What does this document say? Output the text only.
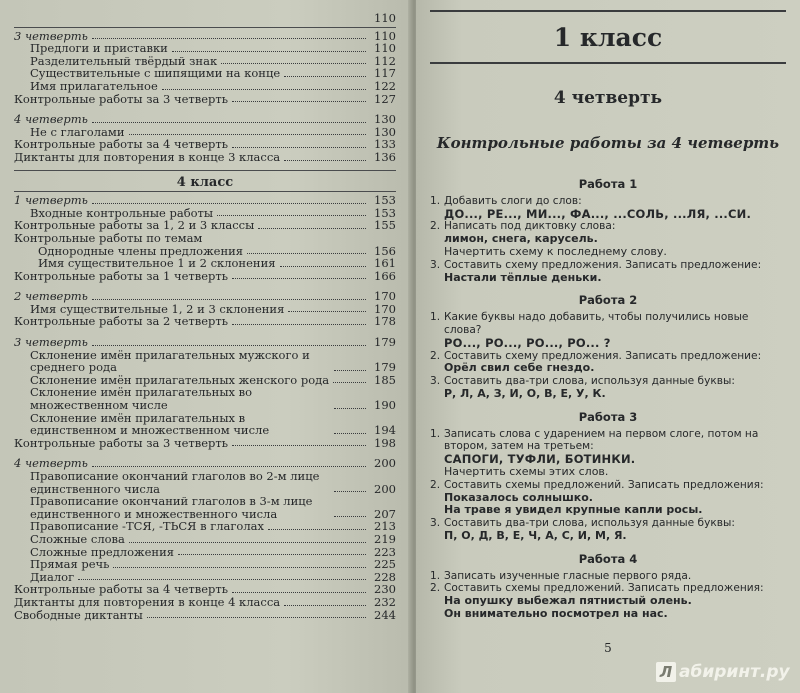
110
3 четверть	110
Предлоги и приставки	110
Разделительный твёрдый знак	112
Существительные с шипящими на конце	117
Имя прилагательное	122
Контрольные работы за 3 четверть	127
4 четверть	130
Не с глаголами	130
Контрольные работы за 4 четверть	133
Диктанты для повторения в конце 3 класса	136
4 класс
1 четверть	153
Входные контрольные работы	153
Контрольные работы за 1, 2 и 3 классы	155
Контрольные работы по темам
Однородные члены предложения	156
Имя существительное 1 и 2 склонения	161
Контрольные работы за 1 четверть	166
2 четверть	170
Имя существительные 1, 2 и 3 склонения	170
Контрольные работы за 2 четверть	178
3 четверть	179
Склонение имён прилагательных мужского и среднего рода	179
Склонение имён прилагательных женского рода	185
Склонение имён прилагательных во множественном числе	190
Склонение имён прилагательных в единственном и множественном числе	194
Контрольные работы за 3 четверть	198
4 четверть	200
Правописание окончаний глаголов во 2-м лице единственного числа	200
Правописание окончаний глаголов в 3-м лице единственного и множественного числа	207
Правописание -ТСЯ, -ТЬСЯ в глаголах	213
Сложные слова	219
Сложные предложения	223
Прямая речь	225
Диалог	228
Контрольные работы за 4 четверть	230
Диктанты для повторения в конце 4 класса	232
Свободные диктанты	244
1 класс
4 четверть
Контрольные работы за 4 четверть
Работа 1
1. Добавить слоги до слов:
ДО..., РЕ..., МИ..., ФА..., ...СОЛЬ, ...ЛЯ, ...СИ.
2. Написать под диктовку слова:
лимон, снега, карусель.
Начертить схему к последнему слову.
3. Составить схему предложения. Записать предложение:
Настали тёплые деньки.
Работа 2
1. Какие буквы надо добавить, чтобы получились новые слова?
РО..., РО..., РО..., РО... ?
2. Составить схему предложения. Записать предложение:
Орёл свил себе гнездо.
3. Составить два-три слова, используя данные буквы:
Р, Л, А, З, И, О, В, Е, У, К.
Работа 3
1. Записать слова с ударением на первом слоге, потом на втором, затем на третьем:
САПОГИ, ТУФЛИ, БОТИНКИ.
Начертить схемы этих слов.
2. Составить схемы предложений. Записать предложения:
Показалось солнышко.
На траве я увидел крупные капли росы.
3. Составить два-три слова, используя данные буквы:
П, О, Д, В, Е, Ч, А, С, И, М, Я.
Работа 4
1. Записать изученные гласные первого ряда.
2. Составить схемы предложений. Записать предложения:
На опушку выбежал пятнистый олень.
Он внимательно посмотрел на нас.
5
Л абиринт.ру
